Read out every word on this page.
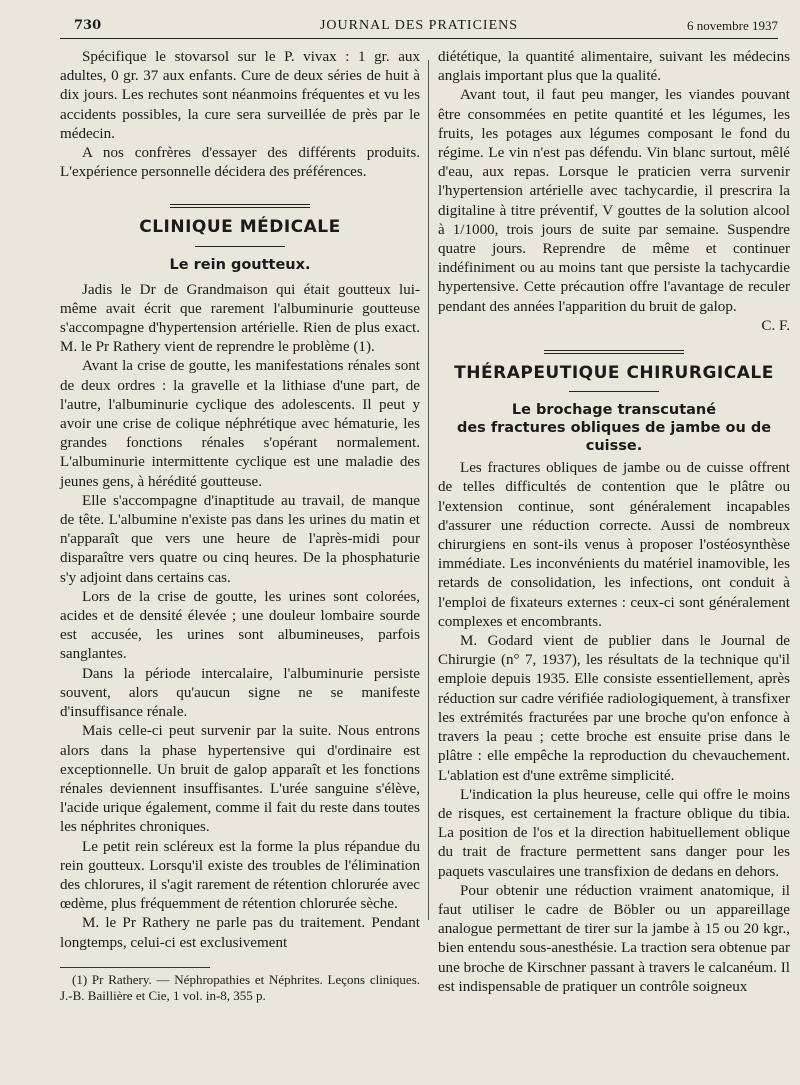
730	JOURNAL DES PRATICIENS	6 novembre 1937

Spécifique le stovarsol sur le P. vivax : 1 gr. aux adultes, 0 gr. 37 aux enfants. Cure de deux séries de huit à dix jours. Les rechutes sont néanmoins fréquentes et vu les accidents possibles, la cure sera surveillée de près par le médecin.

A nos confrères d'essayer des différents produits. L'expérience personnelle décidera des préférences.

CLINIQUE MÉDICALE
Le rein goutteux.

Jadis le Dr de Grandmaison qui était goutteux lui-même avait écrit que rarement l'albuminurie goutteuse s'accompagne d'hypertension artérielle. Rien de plus exact. M. le Pr Rathery vient de reprendre le problème (1).

Avant la crise de goutte, les manifestations rénales sont de deux ordres : la gravelle et la lithiase d'une part, de l'autre, l'albuminurie cyclique des adolescents. Il peut y avoir une crise de colique néphrétique avec hématurie, les grandes fonctions rénales s'opérant normalement. L'albuminurie intermittente cyclique est une maladie des jeunes gens, à hérédité goutteuse.

Elle s'accompagne d'inaptitude au travail, de manque de tête. L'albumine n'existe pas dans les urines du matin et n'apparaît que vers une heure de l'après-midi pour disparaître vers quatre ou cinq heures. De la phosphaturie s'y adjoint dans certains cas.

Lors de la crise de goutte, les urines sont colorées, acides et de densité élevée ; une douleur lombaire sourde est accusée, les urines sont albumineuses, parfois sanglantes.

Dans la période intercalaire, l'albuminurie persiste souvent, alors qu'aucun signe ne se manifeste d'insuffisance rénale.

Mais celle-ci peut survenir par la suite. Nous entrons alors dans la phase hypertensive qui d'ordinaire est exceptionnelle. Un bruit de galop apparaît et les fonctions rénales deviennent insuffisantes. L'urée sanguine s'élève, l'acide urique également, comme il fait du reste dans toutes les néphrites chroniques.

Le petit rein scléreux est la forme la plus répandue du rein goutteux. Lorsqu'il existe des troubles de l'élimination des chlorures, il s'agit rarement de rétention chlorurée avec œdème, plus fréquemment de rétention chlorurée sèche.

M. le Pr Rathery ne parle pas du traitement. Pendant longtemps, celui-ci est exclusivement

(1) Pr Rathery. — Néphropathies et Néphrites. Leçons cliniques. J.-B. Baillière et Cie, 1 vol. in-8, 355 p.

diététique, la quantité alimentaire, suivant les médecins anglais important plus que la qualité.

Avant tout, il faut peu manger, les viandes pouvant être consommées en petite quantité et les légumes, les fruits, les potages aux légumes composant le fond du régime. Le vin n'est pas défendu. Vin blanc surtout, mêlé d'eau, aux repas. Lorsque le praticien verra survenir l'hypertension artérielle avec tachycardie, il prescrira la digitaline à titre préventif, V gouttes de la solution alcool à 1/1000, trois jours de suite par semaine. Suspendre quatre jours. Reprendre de même et continuer indéfiniment ou au moins tant que persiste la tachycardie hypertensive. Cette précaution offre l'avantage de reculer pendant des années l'apparition du bruit de galop.

C. F.

THÉRAPEUTIQUE CHIRURGICALE
Le brochage transcutané
des fractures obliques de jambe ou de cuisse.

Les fractures obliques de jambe ou de cuisse offrent de telles difficultés de contention que le plâtre ou l'extension continue, sont généralement incapables d'assurer une réduction correcte. Aussi de nombreux chirurgiens en sont-ils venus à proposer l'ostéosynthèse immédiate. Les inconvénients du matériel inamovible, les retards de consolidation, les infections, ont conduit à l'emploi de fixateurs externes : ceux-ci sont généralement complexes et encombrants.

M. Godard vient de publier dans le Journal de Chirurgie (n° 7, 1937), les résultats de la technique qu'il emploie depuis 1935. Elle consiste essentiellement, après réduction sur cadre vérifiée radiologiquement, à transfixer les extrémités fracturées par une broche qu'on enfonce à travers la peau ; cette broche est ensuite prise dans le plâtre : elle empêche la reproduction du chevauchement. L'ablation est d'une extrême simplicité.

L'indication la plus heureuse, celle qui offre le moins de risques, est certainement la fracture oblique du tibia. La position de l'os et la direction habituellement oblique du trait de fracture permettent sans danger pour les paquets vasculaires une transfixion de dedans en dehors.

Pour obtenir une réduction vraiment anatomique, il faut utiliser le cadre de Böbler ou un appareillage analogue permettant de tirer sur la jambe à 15 ou 20 kgr., bien entendu sous-anesthésie. La traction sera obtenue par une broche de Kirschner passant à travers le calcanéum. Il est indispensable de pratiquer un contrôle soigneux
